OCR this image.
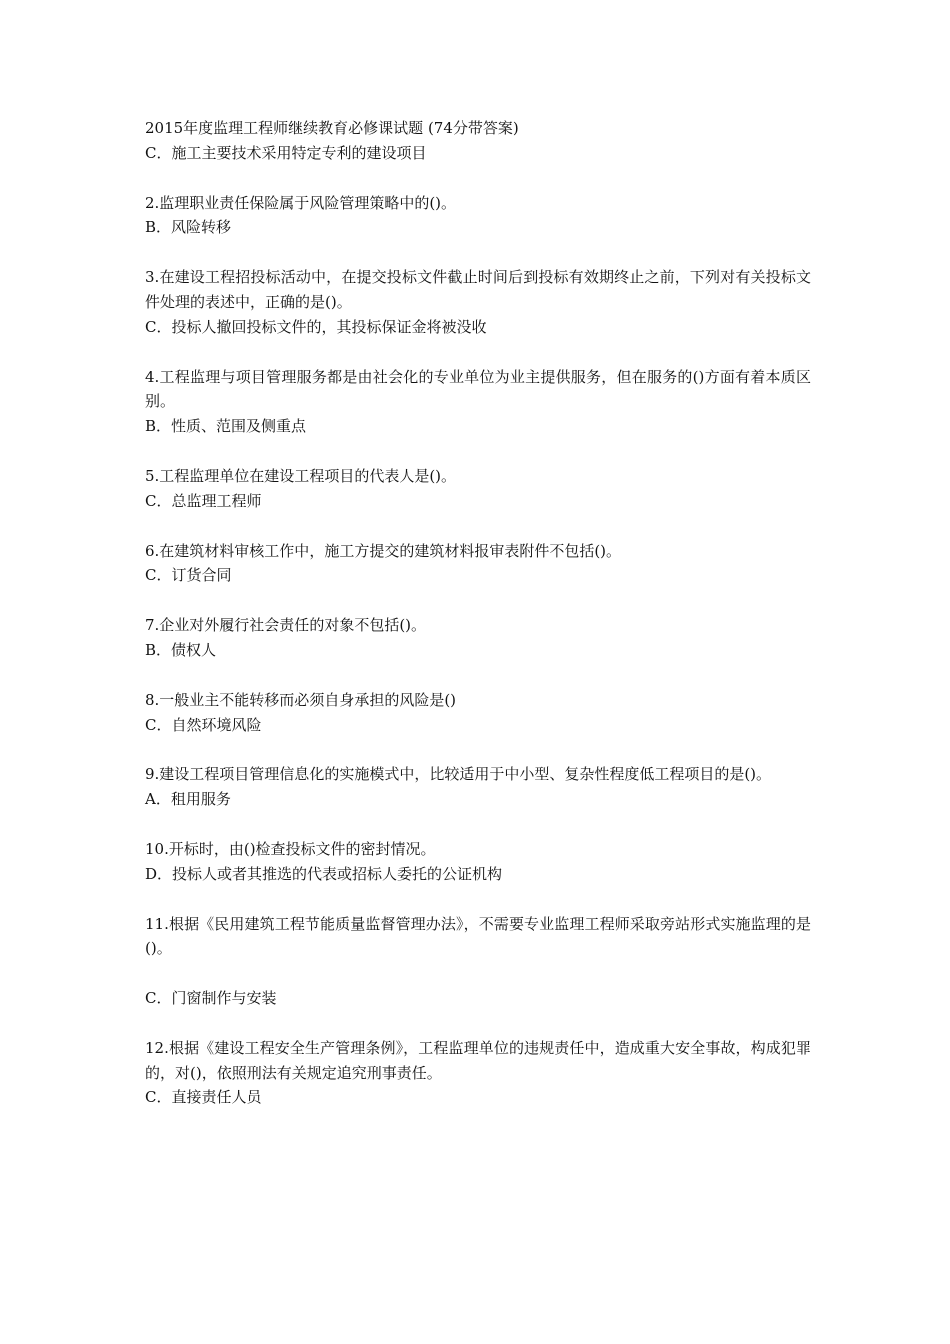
2015年度监理工程师继续教育必修课试题 (74分带答案)

C．施工主要技术采用特定专利的建设项目
2.监理职业责任保险属于风险管理策略中的()。
B．风险转移
3.在建设工程招投标活动中，在提交投标文件截止时间后到投标有效期终止之前，下列对有关投标文件处理的表述中，正确的是()。
C．投标人撤回投标文件的，其投标保证金将被没收
4.工程监理与项目管理服务都是由社会化的专业单位为业主提供服务，但在服务的()方面有着本质区别。
B．性质、范围及侧重点
5.工程监理单位在建设工程项目的代表人是()。
C．总监理工程师
6.在建筑材料审核工作中，施工方提交的建筑材料报审表附件不包括()。
C．订货合同
7.企业对外履行社会责任的对象不包括()。
B．债权人
8.一般业主不能转移而必须自身承担的风险是()
C．自然环境风险
9.建设工程项目管理信息化的实施模式中，比较适用于中小型、复杂性程度低工程项目的是()。
A．租用服务
10.开标时，由()检查投标文件的密封情况。
D．投标人或者其推选的代表或招标人委托的公证机构
11.根据《民用建筑工程节能质量监督管理办法》，不需要专业监理工程师采取旁站形式实施监理的是()。
C．门窗制作与安装
12.根据《建设工程安全生产管理条例》，工程监理单位的违规责任中，造成重大安全事故，构成犯罪的，对()，依照刑法有关规定追究刑事责任。
C．直接责任人员
